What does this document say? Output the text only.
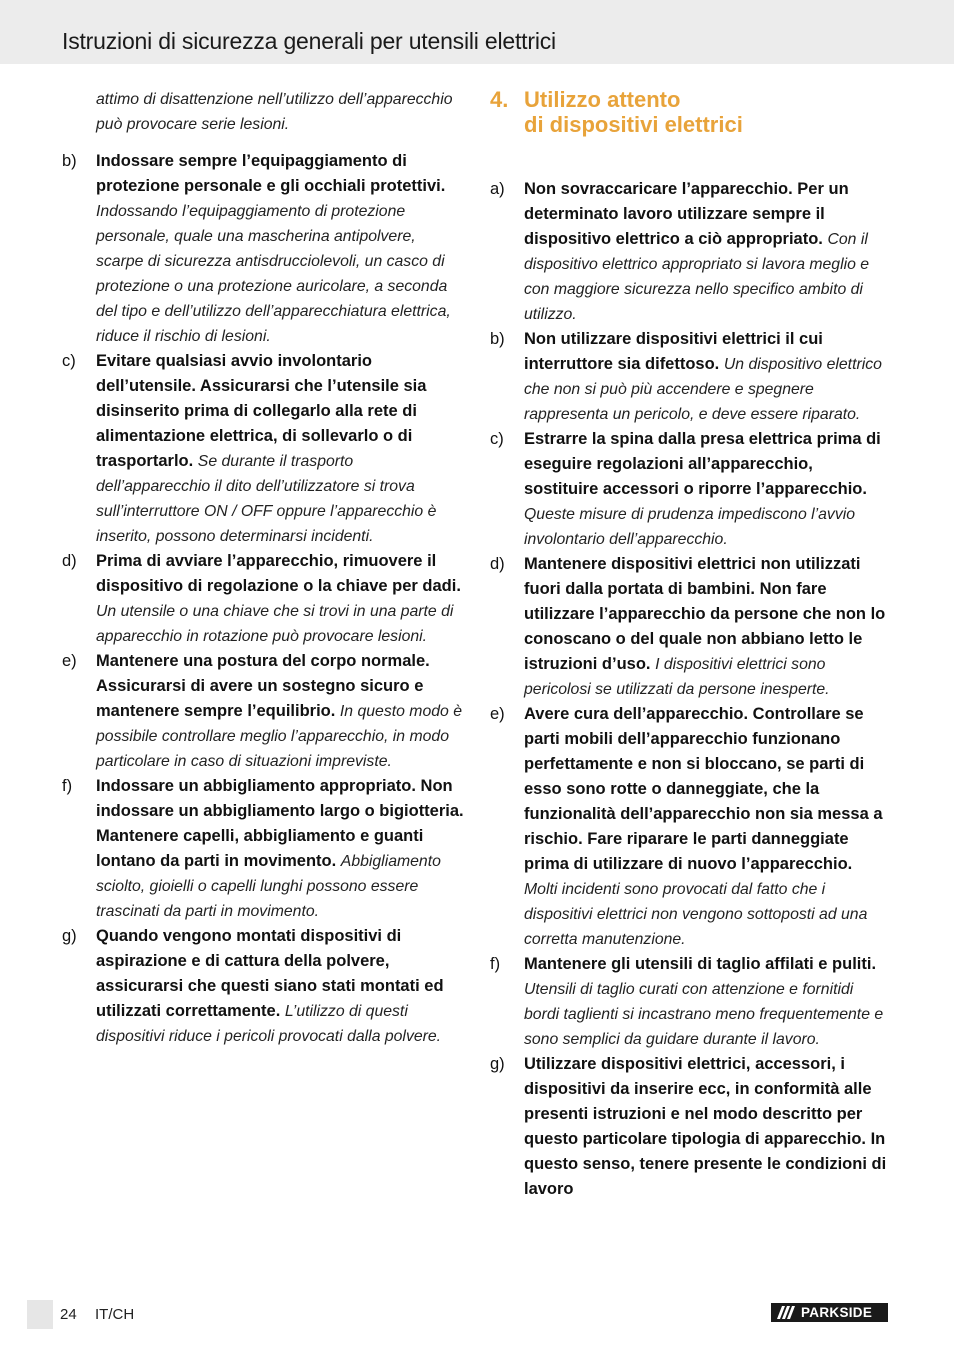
Istruzioni di sicurezza generali per utensili elettrici
attimo di disattenzione nell’utilizzo dell’apparecchio può provocare serie lesioni.
b)	Indossare sempre l’equipaggiamento di protezione personale e gli occhiali protettivi. Indossando l’equipaggiamento di protezione personale, quale una mascherina antipolvere, scarpe di sicurezza antisdrucciolevoli, un casco di protezione o una protezione auricolare, a seconda del tipo e dell’utilizzo dell’apparecchiatura elettrica, riduce il rischio di lesioni.
c)	Evitare qualsiasi avvio involontario dell’utensile. Assicurarsi che l’utensile sia disinserito prima di collegarlo alla rete di alimentazione elettrica, di sollevarlo o di trasportarlo. Se durante il trasporto dell’apparecchio il dito dell’utilizzatore si trova sull’interruttore ON / OFF oppure l’apparecchio è inserito, possono determinarsi incidenti.
d)	Prima di avviare l’apparecchio, rimuovere il dispositivo di regolazione o la chiave per dadi. Un utensile o una chiave che si trovi in una parte di apparecchio in rotazione può provocare lesioni.
e)	Mantenere una postura del corpo normale. Assicurarsi di avere un sostegno sicuro e mantenere sempre l’equilibrio. In questo modo è possibile controllare meglio l’apparecchio, in modo particolare in caso di situazioni impreviste.
f)	Indossare un abbigliamento appropriato. Non indossare un abbigliamento largo o bigiotteria. Mantenere capelli, abbigliamento e guanti lontano da parti in movimento. Abbigliamento sciolto, gioielli o capelli lunghi possono essere trascinati da parti in movimento.
g)	Quando vengono montati dispositivi di aspirazione e di cattura della polvere, assicurarsi che questi siano stati montati ed utilizzati correttamente. L’utilizzo di questi dispositivi riduce i pericoli provocati dalla polvere.
4. Utilizzo attento
di dispositivi elettrici
a)	Non sovraccaricare l’apparecchio. Per un determinato lavoro utilizzare sempre il dispositivo elettrico a ciò appropriato. Con il dispositivo elettrico appropriato si lavora meglio e con maggiore sicurezza nello specifico ambito di utilizzo.
b)	Non utilizzare dispositivi elettrici il cui interruttore sia difettoso. Un dispositivo elettrico che non si può più accendere e spegnere rappresenta un pericolo, e deve essere riparato.
c)	Estrarre la spina dalla presa elettrica prima di eseguire regolazioni all’apparecchio, sostituire accessori o riporre l’apparecchio. Queste misure di prudenza impediscono l’avvio involontario dell’apparecchio.
d)	Mantenere dispositivi elettrici non utilizzati fuori dalla portata di bambini. Non fare utilizzare l’apparecchio da persone che non lo conoscano o del quale non abbiano letto le istruzioni d’uso. I dispositivi elettrici sono pericolosi se utilizzati da persone inesperte.
e)	Avere cura dell’apparecchio. Controllare se parti mobili dell’apparecchio funzionano perfettamente e non si bloccano, se parti di esso sono rotte o danneggiate, che la funzionalità dell’apparecchio non sia messa a rischio. Fare riparare le parti danneggiate prima di utilizzare di nuovo l’apparecchio. Molti incidenti sono provocati dal fatto che i dispositivi elettrici non vengono sottoposti ad una corretta manutenzione.
f)	Mantenere gli utensili di taglio affilati e puliti. Utensili di taglio curati con attenzione e fornitidi bordi taglienti si incastrano meno frequentemente e sono semplici da guidare durante il lavoro.
g)	Utilizzare dispositivi elettrici, accessori, i dispositivi da inserire ecc, in conformità alle presenti istruzioni e nel modo descritto per questo particolare tipologia di apparecchio. In questo senso, tenere presente le condizioni di lavoro
24 IT/CH	PARKSIDE
